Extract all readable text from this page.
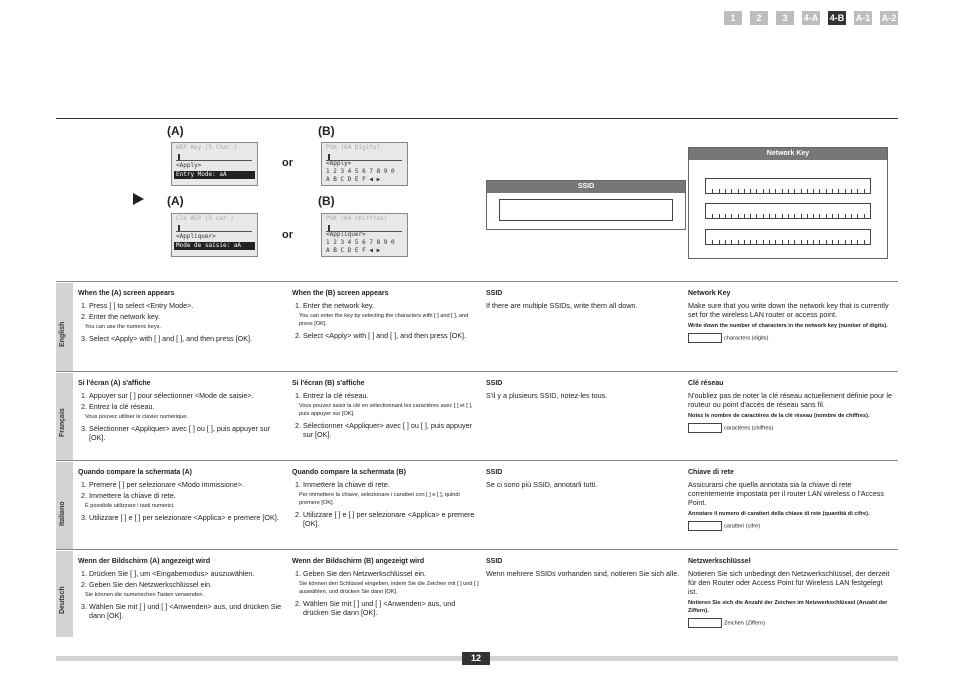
1	2	3	4-A 4-B A-1 A-2
(A)	(B)
or
(A)	(B)
or
WEP Key (5 Char.)
<Apply>
Entry Mode: aA
PSK (64 Digits)
<Apply>
1 2 3 4 5 6 7 8 9 0
A B C D E F ◀ ▶
Clé WEP (5 car.)
<Appliquer>
Mode de saisie: aA
PSK (64 chiffres)
<Appliquer>
1 2 3 4 5 6 7 8 9 0
A B C D E F ◀ ▶
SSID
Network Key
English
When the (A) screen appears
1. Press [ ] to select <Entry Mode>.
2. Enter the network key.

You can use the numeric keys.

3. Select <Apply> with [ ] and [ ], and then press [OK].
When the (B) screen appears
1. Enter the network key.

You can enter the key by selecting the characters with [ ] and [ ], and press [OK].

2. Select <Apply> with [ ] and [ ], and then press [OK].
SSID

If there are multiple SSIDs, write them all down.

Network Key

Make sure that you write down the network key that is currently set for the wireless LAN router or access point.

Write down the number of characters in the network key (number of digits).

characters (digits)

Français
Si l'écran (A) s'affiche
1. Appuyer sur [ ] pour sélectionner <Mode de saisie>.
2. Entrez la clé réseau.

Vous pouvez utiliser le clavier numérique.

3. Sélectionner <Appliquer> avec [ ] ou [ ], puis appuyer sur [OK].
Si l'écran (B) s'affiche
1. Entrez la clé réseau.

Vous pouvez saisir la clé en sélectionnant les caractères avec [ ] et [ ], puis appuyer sur [OK].

2. Sélectionner <Appliquer> avec [ ] ou [ ], puis appuyer sur [OK].
SSID

S'il y a plusieurs SSID, notez-les tous.

Clé réseau

N'oubliez pas de noter la clé réseau actuellement définie pour le routeur ou point d'accès de réseau sans fil.

Notez le nombre de caractères de la clé réseau (nombre de chiffres).

caractères (chiffres)

Italiano
Quando compare la schermata (A)
1. Premere [ ] per selezionare <Modo immissione>.
2. Immettere la chiave di rete.

È possibile utilizzare i tasti numerici.

3. Utilizzare [ ] e [ ] per selezionare <Applica> e premere [OK].
Quando compare la schermata (B)
1. Immettere la chiave di rete.

Per immettere la chiave, selezionare i caratteri con [ ] e [ ], quindi premere [OK].

2. Utilizzare [ ] e [ ] per selezionare <Applica> e premere [OK].
SSID

Se ci sono più SSID, annotarli tutti.

Chiave di rete

Assicurarsi che quella annotata sia la chiave di rete correntemente impostata per il router LAN wireless o l'Access Point.

Annotare il numero di caratteri della chiave di rete (quantità di cifre).

caratteri (cifre)

Deutsch
Wenn der Bildschirm (A) angezeigt wird
1. Drücken Sie [ ], um <Eingabemodus> auszuwählen.
2. Geben Sie den Netzwerkschlüssel ein.

Sie können die numerischen Tasten verwenden.

3. Wählen Sie mit [ ] und [ ] <Anwenden> aus, und drücken Sie dann [OK].
Wenn der Bildschirm (B) angezeigt wird
1. Geben Sie den Netzwerkschlüssel ein.

Sie können den Schlüssel eingeben, indem Sie die Zeichen mit [ ] und [ ] auswählen, und drücken Sie dann [OK].

2. Wählen Sie mit [ ] und [ ] <Anwenden> aus, und drücken Sie dann [OK].
SSID

Wenn mehrere SSIDs vorhanden sind, notieren Sie sich alle.

Netzwerkschlüssel

Notieren Sie sich unbedingt den Netzwerkschlüssel, der derzeit für den Router oder Access Point für Wireless LAN festgelegt ist.

Notieren Sie sich die Anzahl der Zeichen im Netzwerkschlüssel (Anzahl der Ziffern).

Zeichen (Ziffern)

12
